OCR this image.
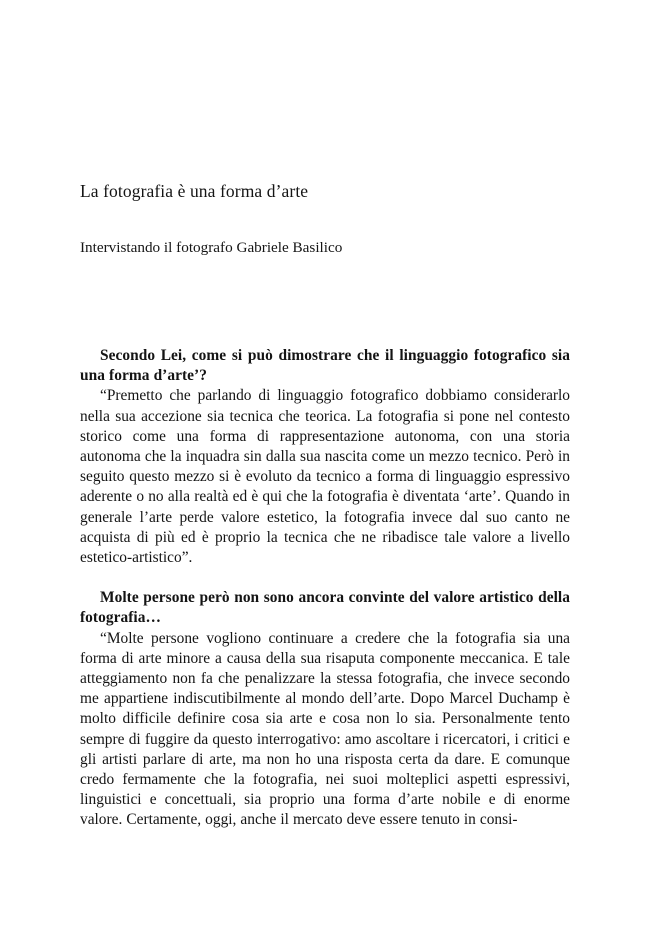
La fotografia è una forma d’arte

Intervistando il fotografo Gabriele Basilico

Secondo Lei, come si può dimostrare che il linguaggio fotografico sia una forma d’arte’?

“Premetto che parlando di linguaggio fotografico dobbiamo considerarlo nella sua accezione sia tecnica che teorica. La fotografia si pone nel contesto storico come una forma di rappresentazione autonoma, con una storia autonoma che la inquadra sin dalla sua nascita come un mezzo tecnico. Però in seguito questo mezzo si è evoluto da tecnico a forma di linguaggio espressivo aderente o no alla realtà ed è qui che la fotografia è diventata ‘arte’. Quando in generale l’arte perde valore estetico, la fotografia invece dal suo canto ne acquista di più ed è proprio la tecnica che ne ribadisce tale valore a livello estetico-artistico”.

Molte persone però non sono ancora convinte del valore artistico della fotografia…

“Molte persone vogliono continuare a credere che la fotografia sia una forma di arte minore a causa della sua risaputa componente meccanica. E tale atteggiamento non fa che penalizzare la stessa fotografia, che invece secondo me appartiene indiscutibilmente al mondo dell’arte. Dopo Marcel Duchamp è molto difficile definire cosa sia arte e cosa non lo sia. Personalmente tento sempre di fuggire da questo interrogativo: amo ascoltare i ricercatori, i critici e gli artisti parlare di arte, ma non ho una risposta certa da dare. E comunque credo fermamente che la fotografia, nei suoi molteplici aspetti espressivi, linguistici e concettuali, sia proprio una forma d’arte nobile e di enorme valore. Certamente, oggi, anche il mercato deve essere tenuto in consi-
